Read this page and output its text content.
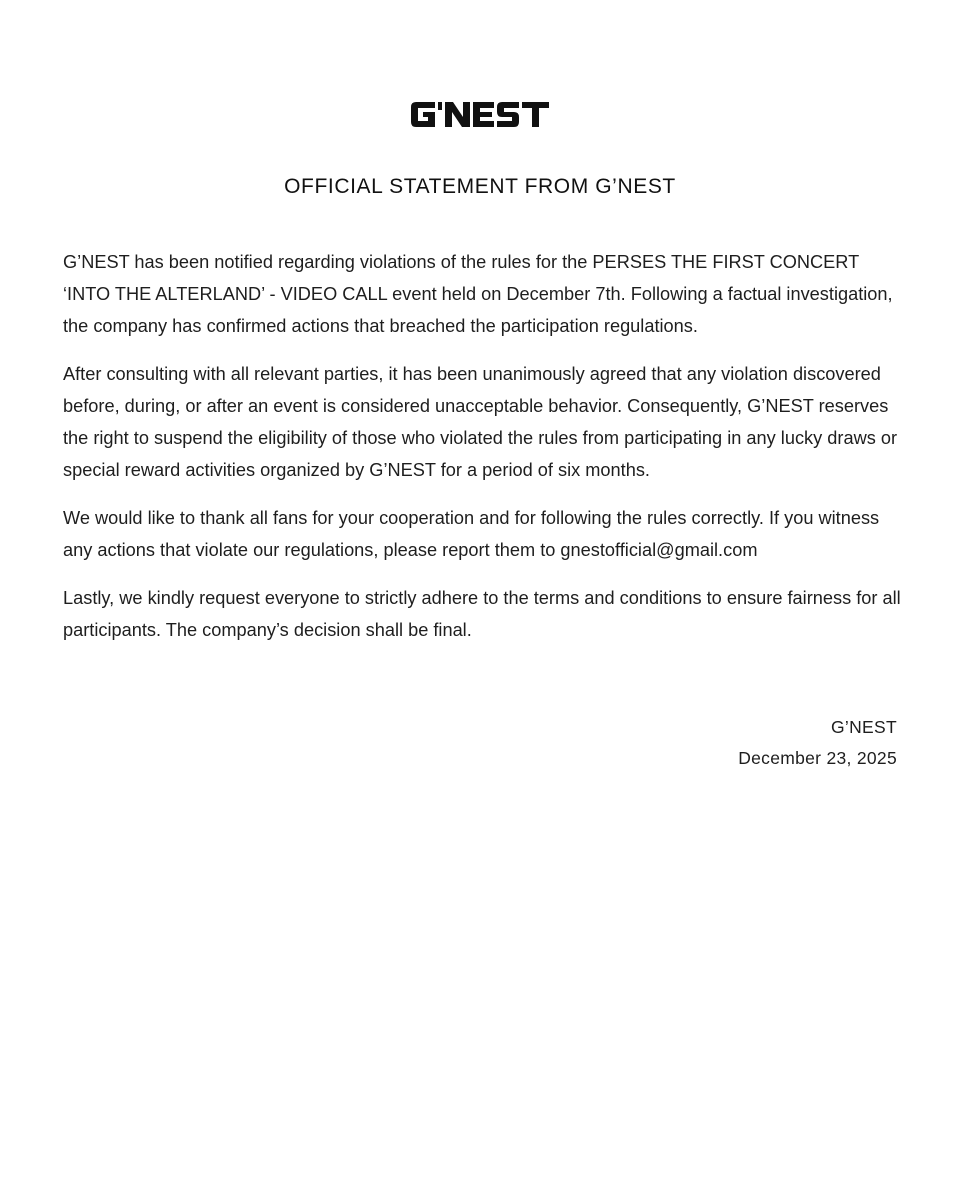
OFFICIAL STATEMENT FROM G’NEST

G’NEST has been notified regarding violations of the rules for the PERSES THE FIRST CONCERT ‘INTO THE ALTERLAND’ - VIDEO CALL event held on December 7th. Following a factual investigation, the company has confirmed actions that breached the participation regulations.

After consulting with all relevant parties, it has been unanimously agreed that any violation discovered before, during, or after an event is considered unacceptable behavior. Consequently, G’NEST reserves the right to suspend the eligibility of those who violated the rules from participating in any lucky draws or special reward activities organized by G’NEST for a period of six months.

We would like to thank all fans for your cooperation and for following the rules correctly. If you witness any actions that violate our regulations, please report them to gnestofficial@gmail.com

Lastly, we kindly request everyone to strictly adhere to the terms and conditions to ensure fairness for all participants. The company’s decision shall be final.

G’NEST
December 23, 2025
